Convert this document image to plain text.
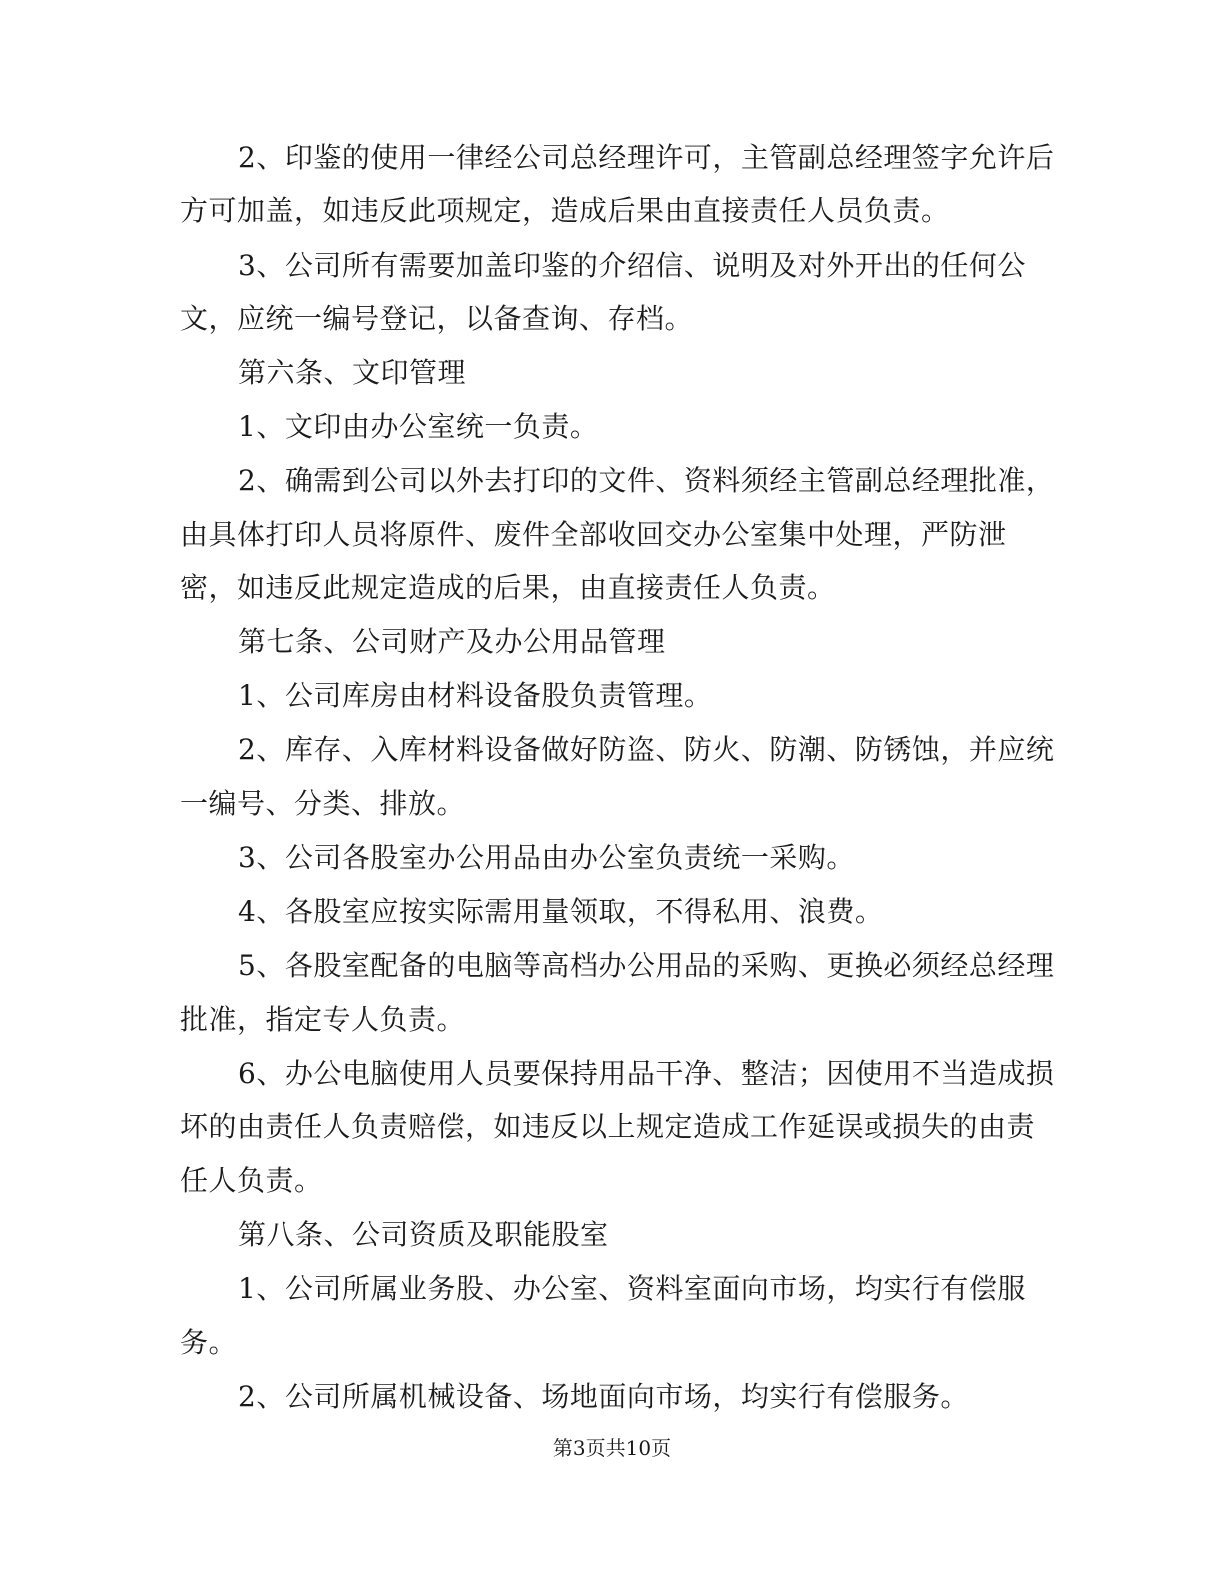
2、印鉴的使用一律经公司总经理许可，主管副总经理签字允许后
方可加盖，如违反此项规定，造成后果由直接责任人员负责。
3、公司所有需要加盖印鉴的介绍信、说明及对外开出的任何公
文，应统一编号登记，以备查询、存档。
第六条、文印管理
1、文印由办公室统一负责。
2、确需到公司以外去打印的文件、资料须经主管副总经理批准，
由具体打印人员将原件、废件全部收回交办公室集中处理，严防泄
密，如违反此规定造成的后果，由直接责任人负责。
第七条、公司财产及办公用品管理
1、公司库房由材料设备股负责管理。
2、库存、入库材料设备做好防盗、防火、防潮、防锈蚀，并应统
一编号、分类、排放。
3、公司各股室办公用品由办公室负责统一采购。
4、各股室应按实际需用量领取，不得私用、浪费。
5、各股室配备的电脑等高档办公用品的采购、更换必须经总经理
批准，指定专人负责。
6、办公电脑使用人员要保持用品干净、整洁；因使用不当造成损
坏的由责任人负责赔偿，如违反以上规定造成工作延误或损失的由责
任人负责。
第八条、公司资质及职能股室
1、公司所属业务股、办公室、资料室面向市场，均实行有偿服
务。
2、公司所属机械设备、场地面向市场，均实行有偿服务。
第3页共10页
